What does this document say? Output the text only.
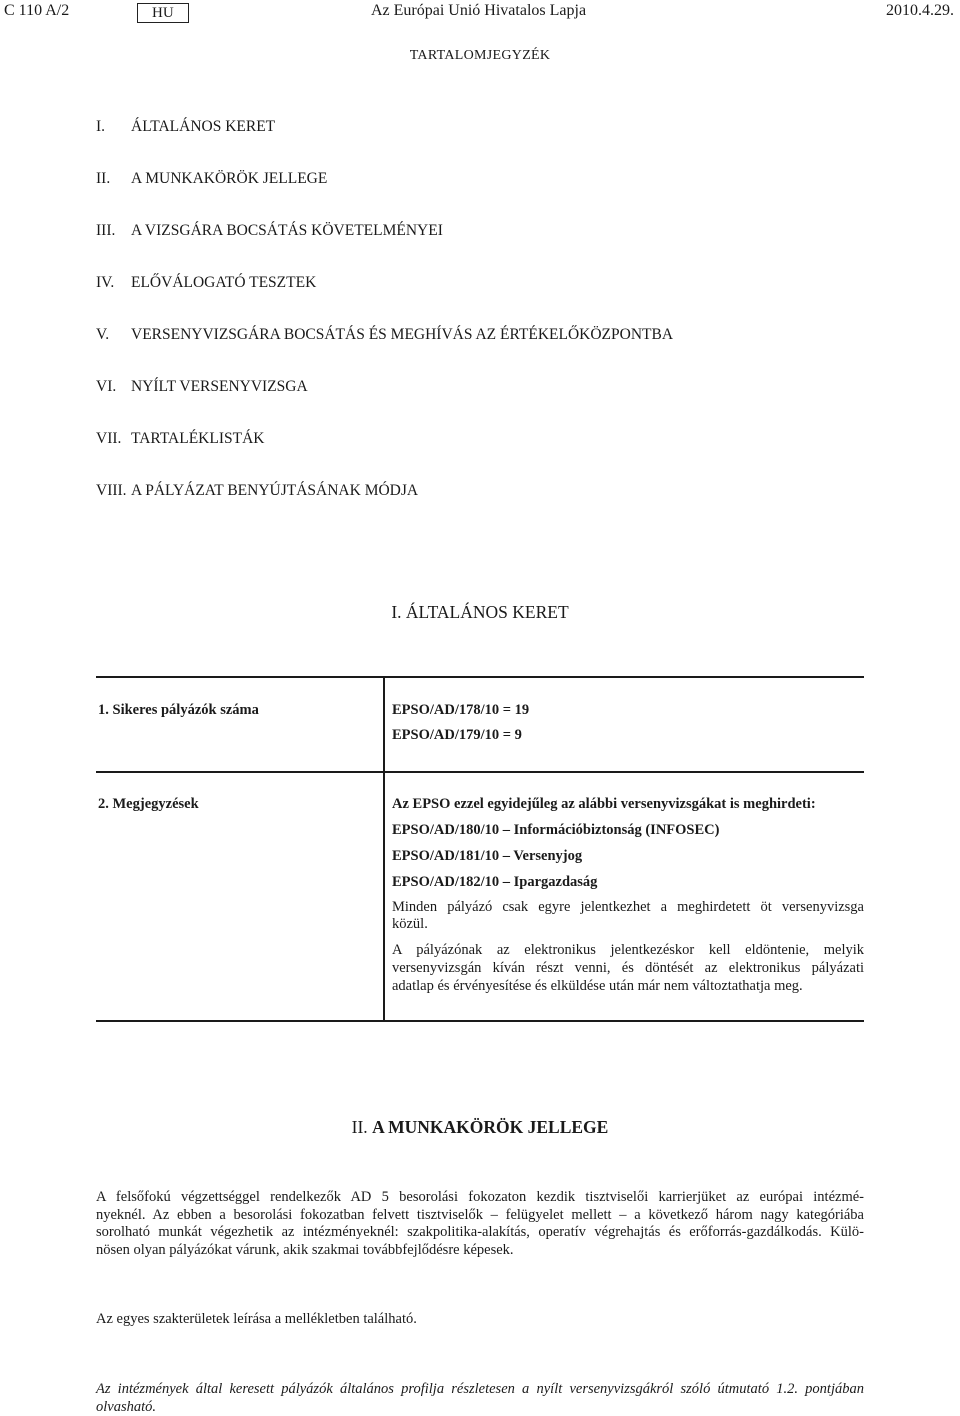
C 110 A/2	HU	Az Európai Unió Hivatalos Lapja	2010.4.29.
TARTALOMJEGYZÉK
I. ÁLTALÁNOS KERET
II. A MUNKAKÖRÖK JELLEGE
III. A VIZSGÁRA BOCSÁTÁS KÖVETELMÉNYEI
IV. ELŐVÁLOGATÓ TESZTEK
V. VERSENYVIZSGÁRA BOCSÁTÁS ÉS MEGHÍVÁS AZ ÉRTÉKELŐKÖZPONTBA
VI. NYÍLT VERSENYVIZSGA
VII. TARTALÉKLISTÁK
VIII. A PÁLYÁZAT BENYÚJTÁSÁNAK MÓDJA
I. ÁLTALÁNOS KERET
1. Sikeres pályázók száma	EPSO/AD/178/10 = 19
EPSO/AD/179/10 = 9
2. Megjegyzések	Az EPSO ezzel egyidejűleg az alábbi versenyvizsgákat is meghirdeti:
EPSO/AD/180/10 – Információbiztonság (INFOSEC)
EPSO/AD/181/10 – Versenyjog
EPSO/AD/182/10 – Ipargazdaság
Minden pályázó csak egyre jelentkezhet a meghirdetett öt versenyvizsga
közül.
A pályázónak az elektronikus jelentkezéskor kell eldöntenie, melyik
versenyvizsgán kíván részt venni, és döntését az elektronikus pályázati
adatlap és érvényesítése és elküldése után már nem változtathatja meg.
II. A MUNKAKÖRÖK JELLEGE
A felsőfokú végzettséggel rendelkezők AD 5 besorolási fokozaton kezdik tisztviselői karrierjüket az európai intézmé-
nyeknél. Az ebben a besorolási fokozatban felvett tisztviselők – felügyelet mellett – a következő három nagy kategóriába
sorolható munkát végezhetik az intézményeknél: szakpolitika-alakítás, operatív végrehajtás és erőforrás-gazdálkodás. Külö-
nösen olyan pályázókat várunk, akik szakmai továbbfejlődésre képesek.
Az egyes szakterületek leírása a mellékletben található.
Az intézmények által keresett pályázók általános profilja részletesen a nyílt versenyvizsgákról szóló útmutató 1.2. pontjában olvasható.
